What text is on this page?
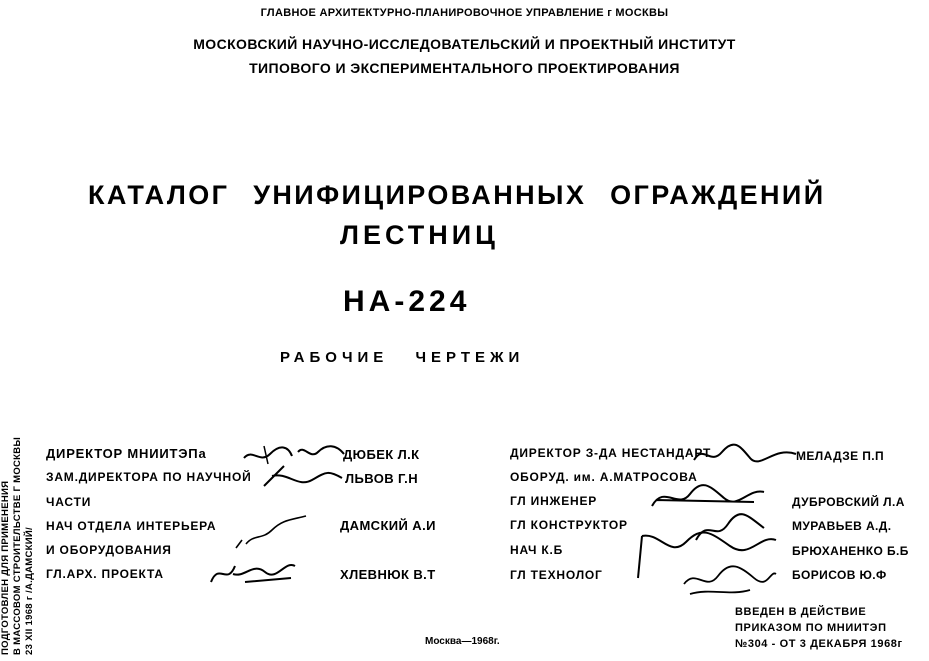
ГЛАВНОЕ АРХИТЕКТУРНО-ПЛАНИРОВОЧНОЕ УПРАВЛЕНИЕ г МОСКВЫ
МОСКОВСКИЙ НАУЧНО-ИССЛЕДОВАТЕЛЬСКИЙ И ПРОЕКТНЫЙ ИНСТИТУТ
ТИПОВОГО И ЭКСПЕРИМЕНТАЛЬНОГО ПРОЕКТИРОВАНИЯ
КАТАЛОГ УНИФИЦИРОВАННЫХ ОГРАЖДЕНИЙ
ЛЕСТНИЦ
НА-224
РАБОЧИЕ ЧЕРТЕЖИ
ДИРЕКТОР МНИИТЭПа	ДЮБЕК Л.К
ЗАМ.ДИРЕКТОРА ПО НАУЧНОЙ	ЛЬВОВ Г.Н
ЧАСТИ
НАЧ ОТДЕЛА ИНТЕРЬЕРА	ДАМСКИЙ А.И
И ОБОРУДОВАНИЯ
ГЛ.АРХ. ПРОЕКТА	ХЛЕВНЮК В.Т
ДИРЕКТОР З-ДА НЕСТАНДАРТ	МЕЛАДЗЕ П.П
ОБОРУД. им. А.МАТРОСОВА
ГЛ ИНЖЕНЕР	ДУБРОВСКИЙ Л.А
ГЛ КОНСТРУКТОР	МУРАВЬЕВ А.Д.
НАЧ К.Б	БРЮХАНЕНКО Б.Б
ГЛ ТЕХНОЛОГ	БОРИСОВ Ю.Ф
ПОДГОТОВЛЕН ДЛЯ ПРИМЕНЕНИЯ В МАССОВОМ СТРОИТЕЛЬСТВЕ Г МОСКВЫ 23 XII 1968 г /А.ДАМСКИЙ/	Москва—1968г.
ВВЕДЕН В ДЕЙСТВИЕ
ПРИКАЗОМ ПО МНИИТЭП
№304 - ОТ 3 ДЕКАБРЯ 1968г
